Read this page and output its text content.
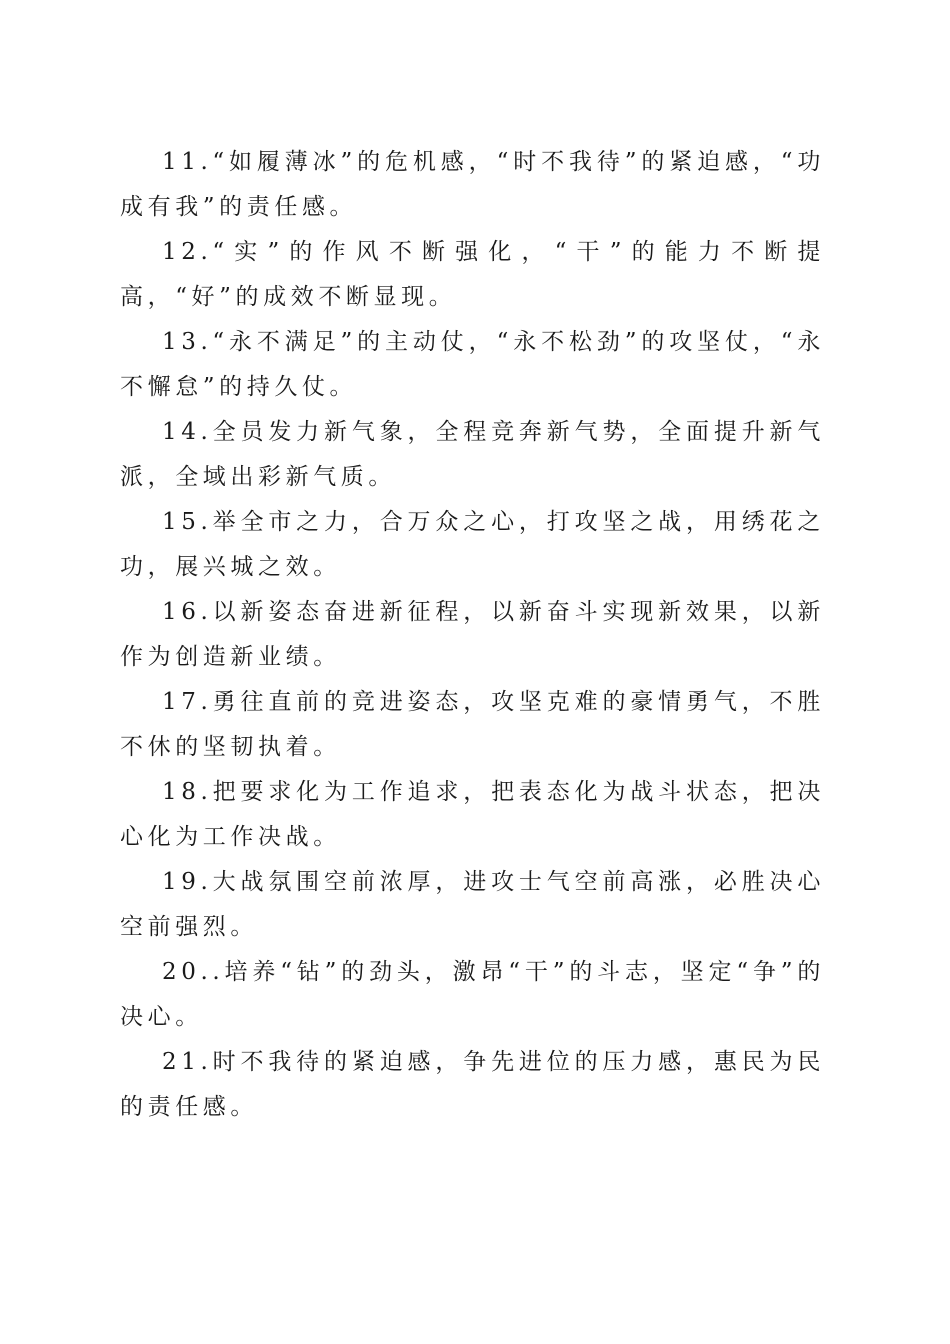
11.“如履薄冰”的危机感，“时不我待”的紧迫感，“功成有我”的责任感。

12.“实”的作风不断强化，“干”的能力不断提高，“好”的成效不断显现。

13.“永不满足”的主动仗，“永不松劲”的攻坚仗，“永不懈怠”的持久仗。

14.全员发力新气象，全程竞奔新气势，全面提升新气派，全域出彩新气质。

15.举全市之力，合万众之心，打攻坚之战，用绣花之功，展兴城之效。

16.以新姿态奋进新征程，以新奋斗实现新效果，以新作为创造新业绩。

17.勇往直前的竞进姿态，攻坚克难的豪情勇气，不胜不休的坚韧执着。

18.把要求化为工作追求，把表态化为战斗状态，把决心化为工作决战。

19.大战氛围空前浓厚，进攻士气空前高涨，必胜决心空前强烈。

20..培养“钻”的劲头，激昂“干”的斗志，坚定“争”的决心。

21.时不我待的紧迫感，争先进位的压力感，惠民为民的责任感。
